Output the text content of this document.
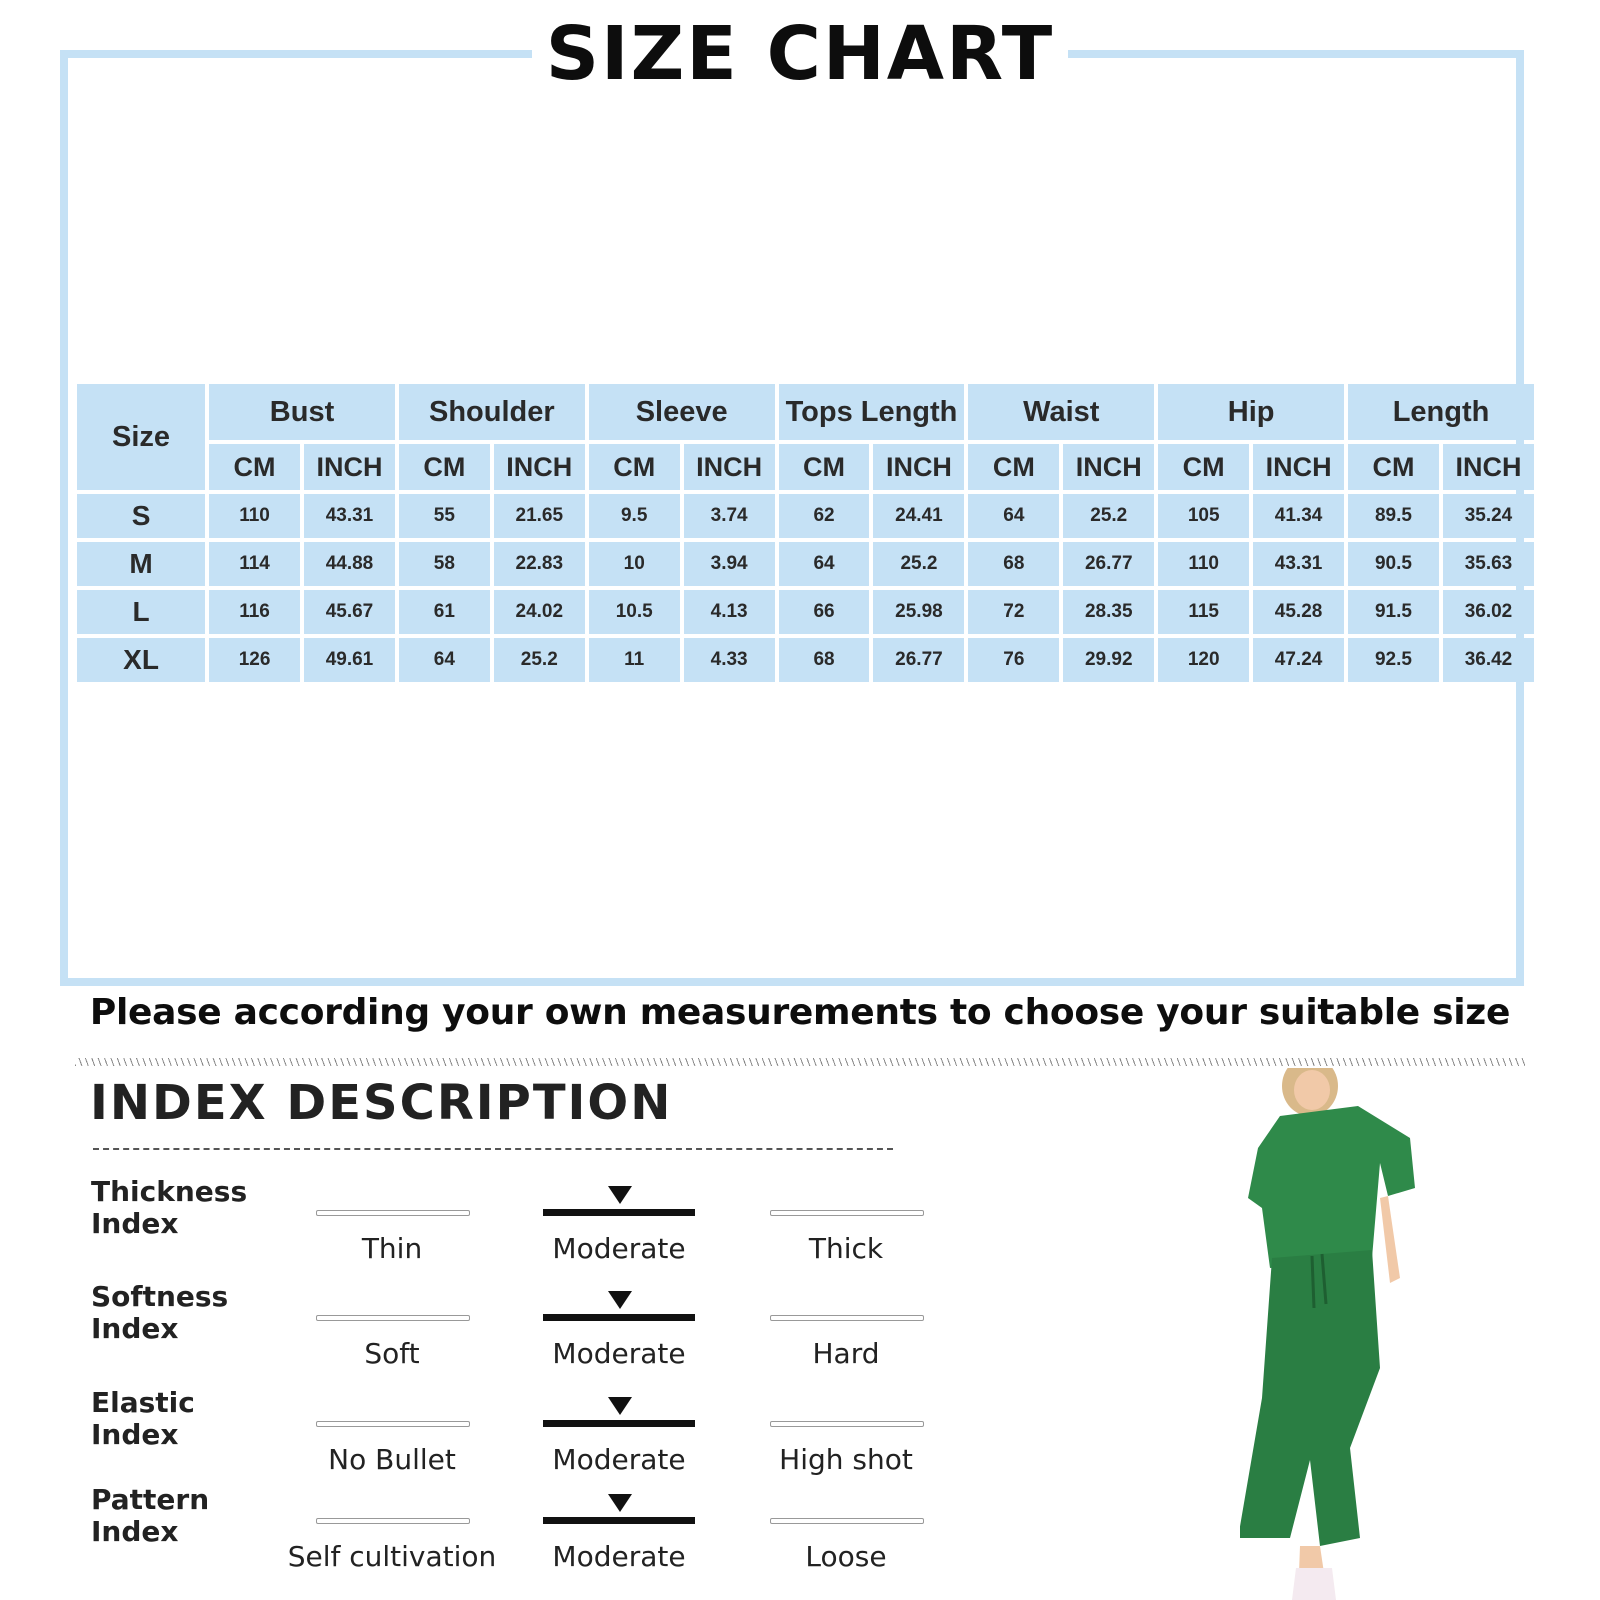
SIZE CHART
Size	Bust		Shoulder		Sleeve		Tops Length		Waist		Hip		Length	
	CM	INCH	CM	INCH	CM	INCH	CM	INCH	CM	INCH	CM	INCH	CM	INCH
S	110	43.31	55	21.65	9.5	3.74	62	24.41	64	25.2	105	41.34	89.5	35.24
M	114	44.88	58	22.83	10	3.94	64	25.2	68	26.77	110	43.31	90.5	35.63
L	116	45.67	61	24.02	10.5	4.13	66	25.98	72	28.35	115	45.28	91.5	36.02
XL	126	49.61	64	25.2	11	4.33	68	26.77	76	29.92	120	47.24	92.5	36.42
Please according your own measurements to choose your suitable size
INDEX DESCRIPTION
Thickness
Index
Thin	Moderate	Thick
Softness
Index
Soft	Moderate	Hard
Elastic
Index
No Bullet	Moderate	High shot
Pattern
Index
Self cultivation	Moderate	Loose
